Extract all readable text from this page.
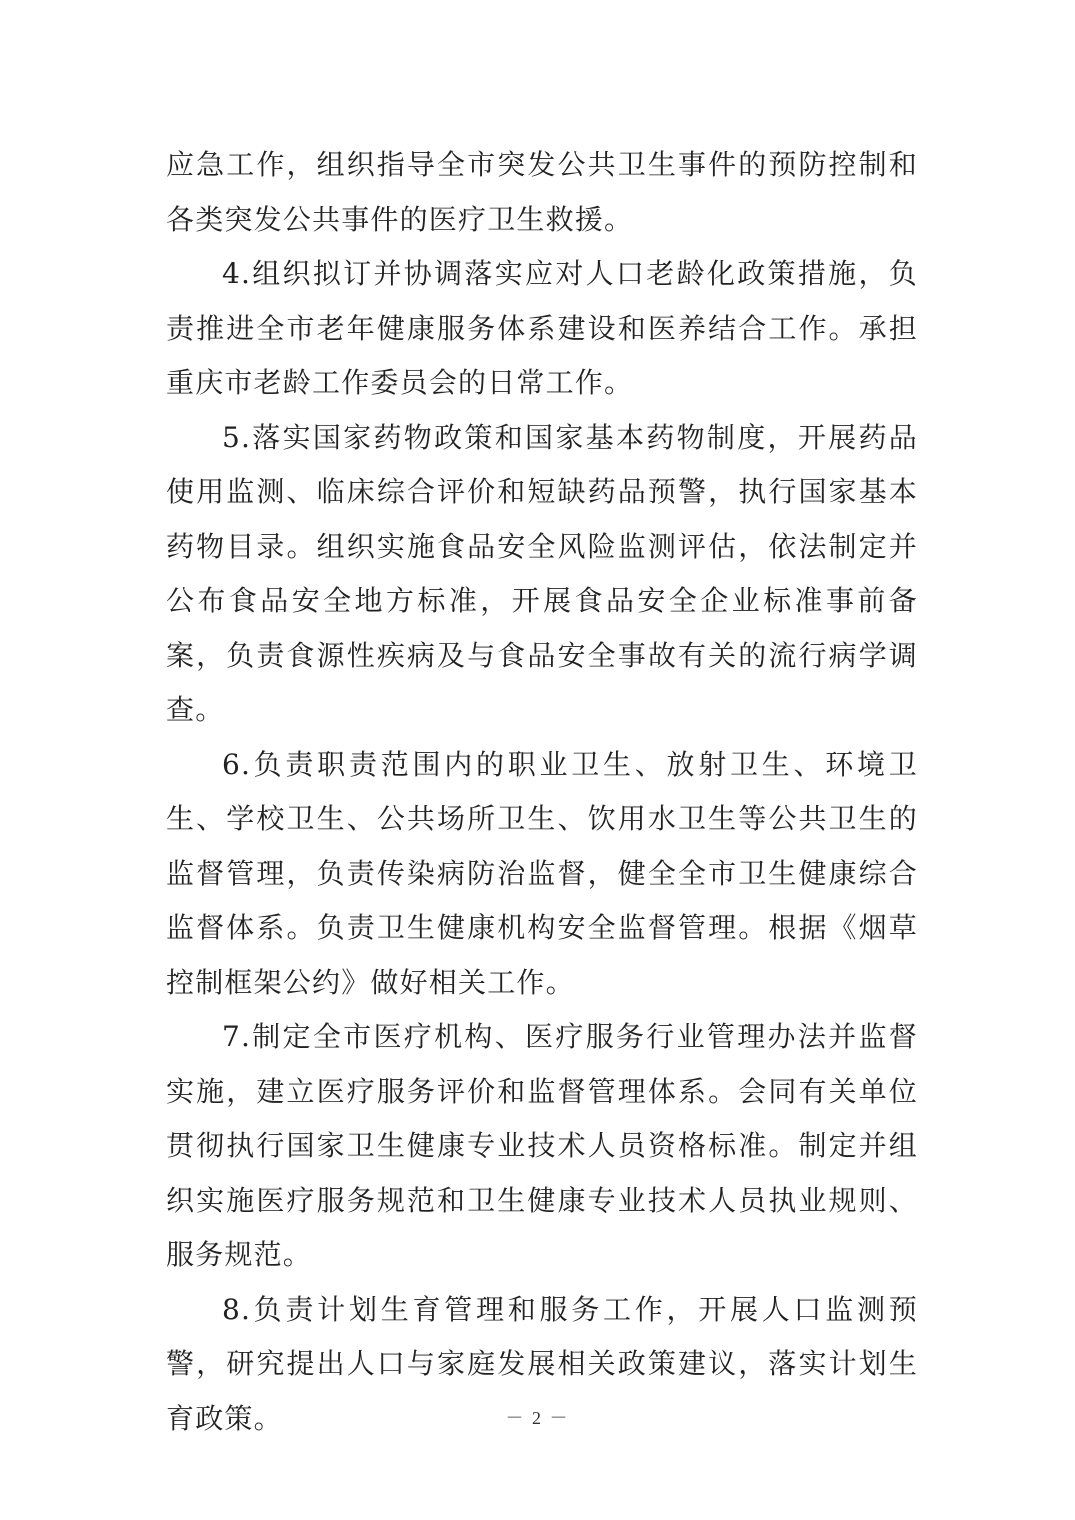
应急工作，组织指导全市突发公共卫生事件的预防控制和各类突发公共事件的医疗卫生救援。

4.组织拟订并协调落实应对人口老龄化政策措施，负责推进全市老年健康服务体系建设和医养结合工作。承担重庆市老龄工作委员会的日常工作。

5.落实国家药物政策和国家基本药物制度，开展药品使用监测、临床综合评价和短缺药品预警，执行国家基本药物目录。组织实施食品安全风险监测评估，依法制定并公布食品安全地方标准，开展食品安全企业标准事前备案，负责食源性疾病及与食品安全事故有关的流行病学调查。

6.负责职责范围内的职业卫生、放射卫生、环境卫生、学校卫生、公共场所卫生、饮用水卫生等公共卫生的监督管理，负责传染病防治监督，健全全市卫生健康综合监督体系。负责卫生健康机构安全监督管理。根据《烟草控制框架公约》做好相关工作。

7.制定全市医疗机构、医疗服务行业管理办法并监督实施，建立医疗服务评价和监督管理体系。会同有关单位贯彻执行国家卫生健康专业技术人员资格标准。制定并组织实施医疗服务规范和卫生健康专业技术人员执业规则、服务规范。

8.负责计划生育管理和服务工作，开展人口监测预警，研究提出人口与家庭发展相关政策建议，落实计划生育政策。	－ 2 －
